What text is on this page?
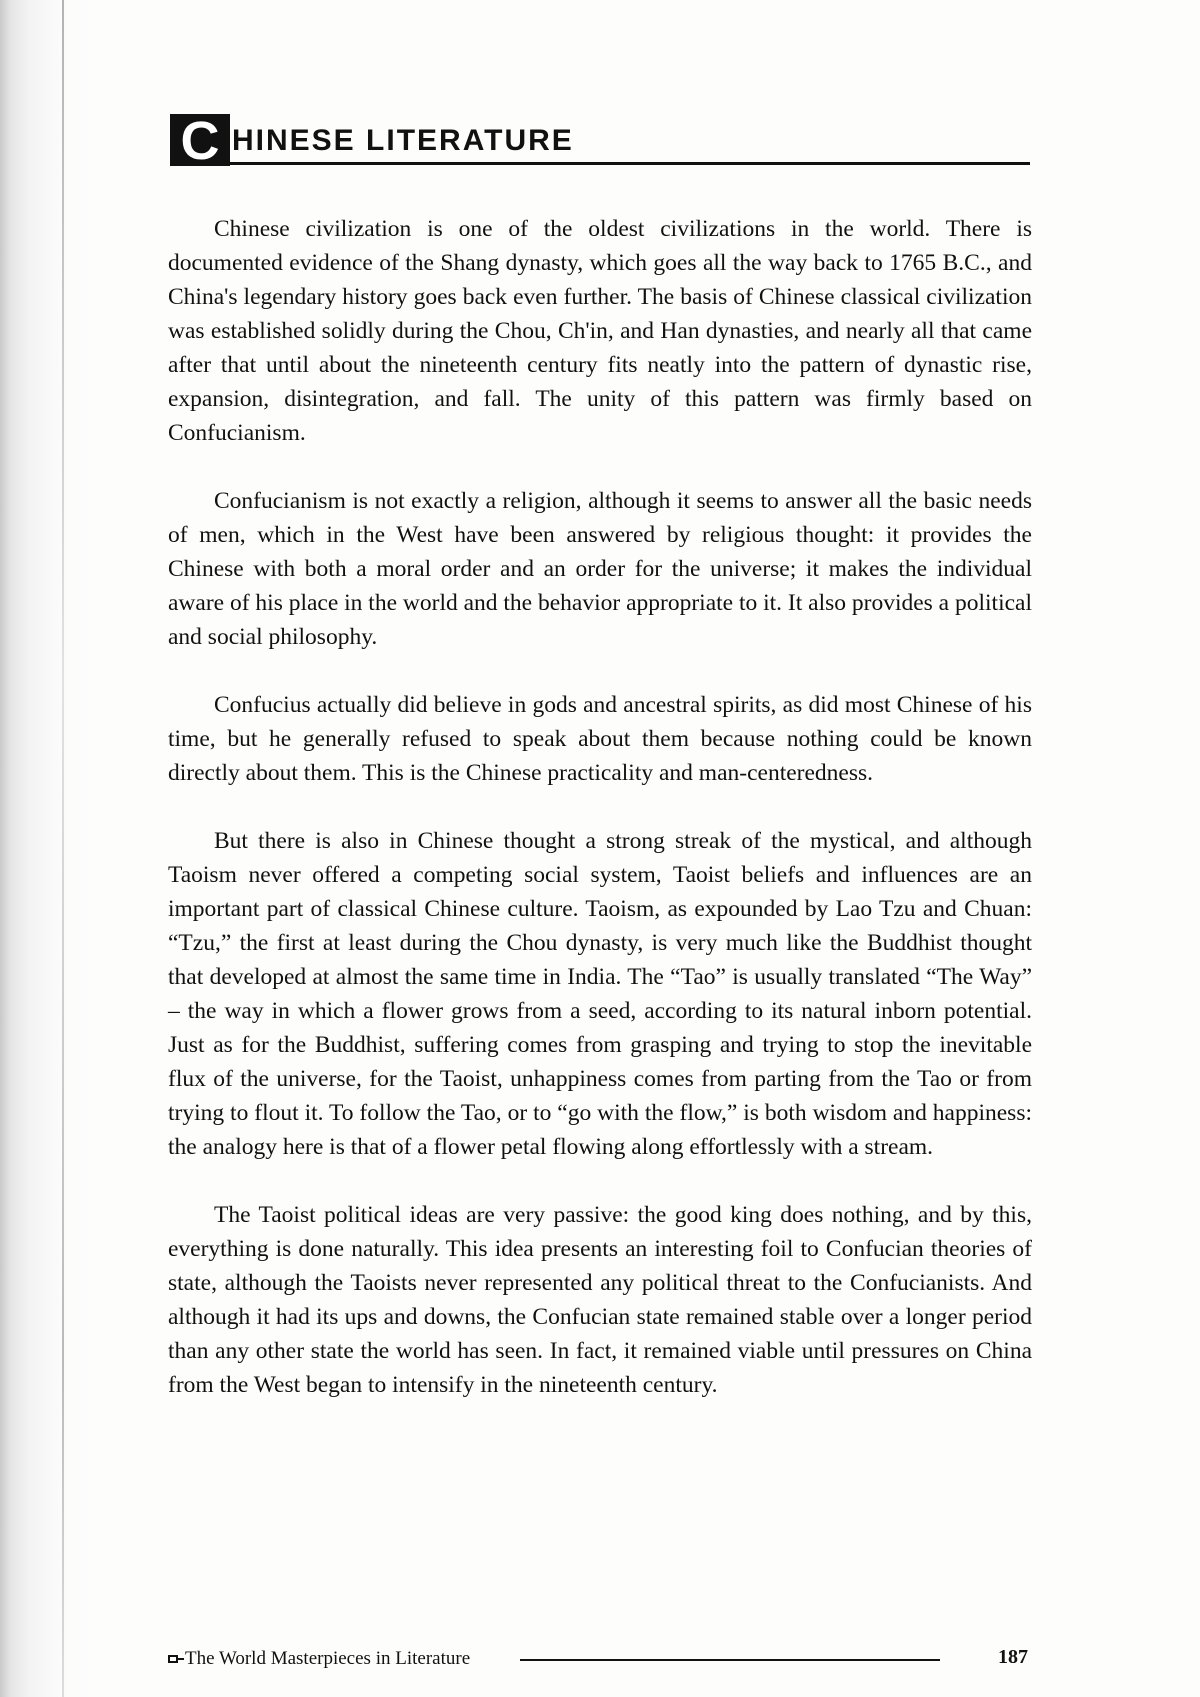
C HINESE LITERATURE

Chinese civilization is one of the oldest civilizations in the world. There is documented evidence of the Shang dynasty, which goes all the way back to 1765 B.C., and China's legendary history goes back even further. The basis of Chinese classical civilization was established solidly during the Chou, Ch'in, and Han dynasties, and nearly all that came after that until about the nineteenth century fits neatly into the pattern of dynastic rise, expansion, disintegration, and fall. The unity of this pattern was firmly based on Confucianism.

Confucianism is not exactly a religion, although it seems to answer all the basic needs of men, which in the West have been answered by religious thought: it provides the Chinese with both a moral order and an order for the universe; it makes the individual aware of his place in the world and the behavior appropriate to it. It also provides a political and social philosophy.

Confucius actually did believe in gods and ancestral spirits, as did most Chinese of his time, but he generally refused to speak about them because nothing could be known directly about them. This is the Chinese practicality and man-centeredness.

But there is also in Chinese thought a strong streak of the mystical, and although Taoism never offered a competing social system, Taoist beliefs and influences are an important part of classical Chinese culture. Taoism, as expounded by Lao Tzu and Chuan: “Tzu,” the first at least during the Chou dynasty, is very much like the Buddhist thought that developed at almost the same time in India. The “Tao” is usually translated “The Way” – the way in which a flower grows from a seed, according to its natural inborn potential. Just as for the Buddhist, suffering comes from grasping and trying to stop the inevitable flux of the universe, for the Taoist, unhappiness comes from parting from the Tao or from trying to flout it. To follow the Tao, or to “go with the flow,” is both wisdom and happiness: the analogy here is that of a flower petal flowing along effortlessly with a stream.

The Taoist political ideas are very passive: the good king does nothing, and by this, everything is done naturally. This idea presents an interesting foil to Confucian theories of state, although the Taoists never represented any political threat to the Confucianists. And although it had its ups and downs, the Confucian state remained stable over a longer period than any other state the world has seen. In fact, it remained viable until pressures on China from the West began to intensify in the nineteenth century.

The World Masterpieces in Literature	187
